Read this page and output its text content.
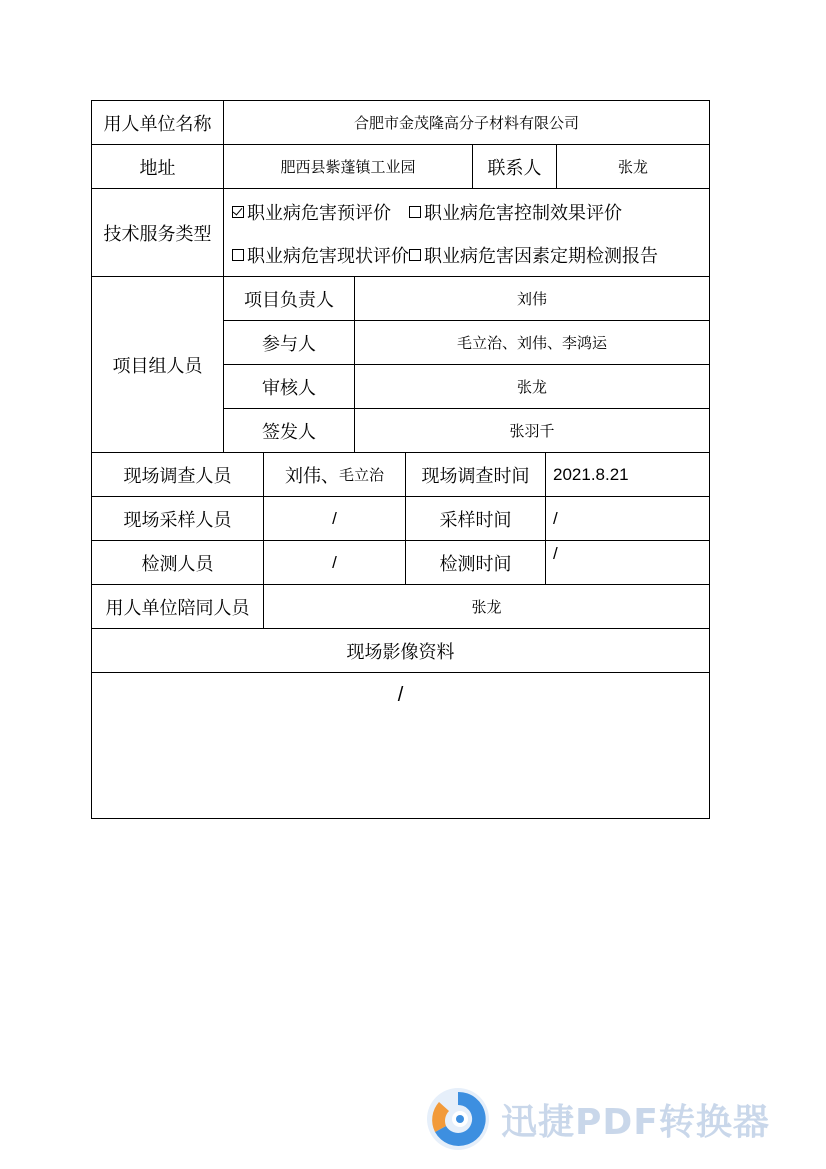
用人单位名称	合肥市金茂隆高分子材料有限公司
地址	肥西县紫蓬镇工业园	联系人	张龙
技术服务类型
职业病危害预评价 职业病危害控制效果评价
职业病危害现状评价 职业病危害因素定期检测报告
项目组人员
项目负责人	刘伟
参与人	毛立治、刘伟、李鸿运
审核人	张龙
签发人	张羽千
现场调查人员	刘伟、 毛立治	现场调查时间	2021.8.21
现场采样人员	/	采样时间	/
检测人员	/	检测时间	/
用人单位陪同人员	张龙
现场影像资料
/
迅捷PDF转换器
